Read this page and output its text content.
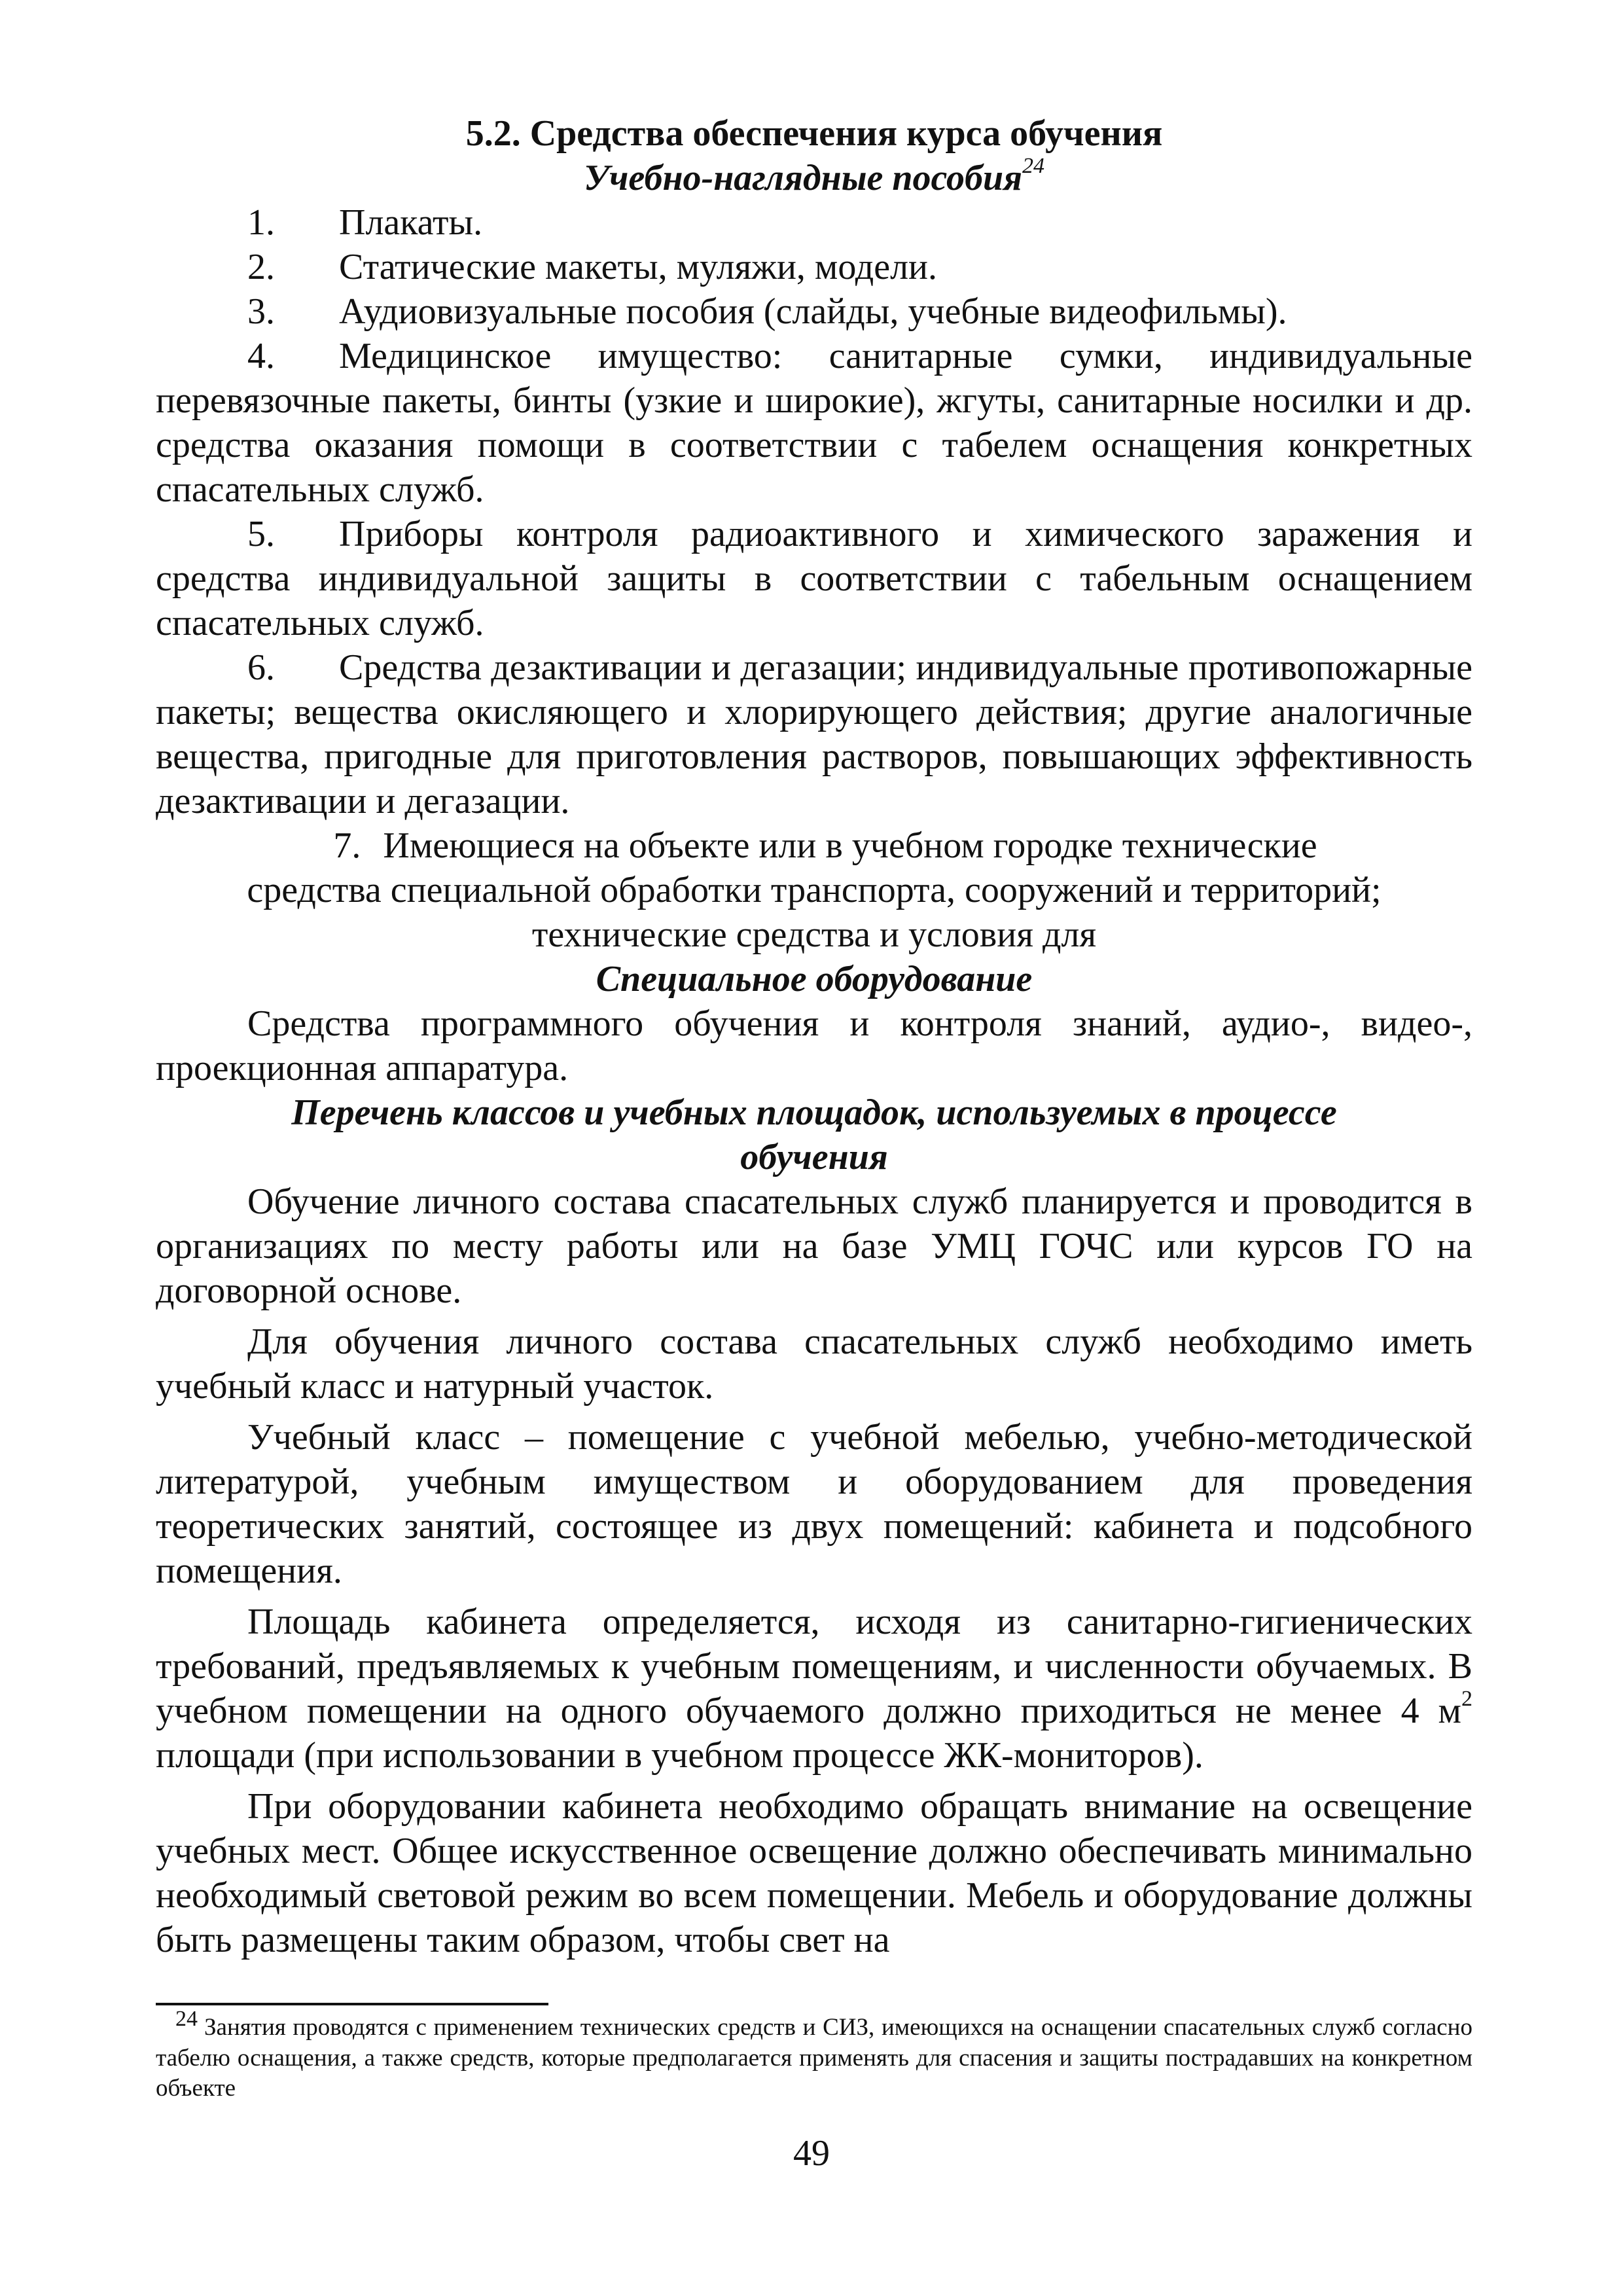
5.2. Средства обеспечения курса обучения

Учебно-наглядные пособия$^{24}$

1.	Плакаты.

2.	Статические макеты, муляжи, модели.

3.	Аудиовизуальные пособия (слайды, учебные видеофильмы).

4. Медицинское имущество: санитарные сумки, индивидуальные перевязочные пакеты, бинты (узкие и широкие), жгуты, санитарные носилки и др. средства оказания помощи в соответствии с табелем оснащения конкретных спасательных служб.

5. Приборы контроля радиоактивного и химического заражения и средства индивидуальной защиты в соответствии с табельным оснащением спасательных служб.

6. Средства дезактивации и дегазации; индивидуальные противопожарные пакеты; вещества окисляющего и хлорирующего действия; другие аналогичные вещества, пригодные для приготовления растворов, повышающих эффективность дезактивации и дегазации.

7. Имеющиеся на объекте или в учебном городке технические

средства специальной обработки транспорта, сооружений и территорий;

технические средства и условия для

Специальное оборудование

Средства программного обучения и контроля знаний, аудио-, видео-, проекционная аппаратура.

Перечень классов и учебных площадок, используемых в процессе
обучения

Обучение личного состава спасательных служб планируется и проводится в организациях по месту работы или на базе УМЦ ГОЧС или курсов ГО на договорной основе.

Для обучения личного состава спасательных служб необходимо иметь учебный класс и натурный участок.

Учебный класс – помещение с учебной мебелью, учебно-методической литературой, учебным имуществом и оборудованием для проведения теоретических занятий, состоящее из двух помещений: кабинета и подсобного помещения.

Площадь кабинета определяется, исходя из санитарно-гигиенических требований, предъявляемых к учебным помещениям, и численности обучаемых. В учебном помещении на одного обучаемого должно приходиться не менее 4 $м^2$ площади (при использовании в учебном процессе ЖК-мониторов).

При оборудовании кабинета необходимо обращать внимание на освещение учебных мест. Общее искусственное освещение должно обеспечивать минимально необходимый световой режим во всем помещении. Мебель и оборудование должны быть размещены таким образом, чтобы свет на

24 Занятия проводятся с применением технических средств и СИЗ, имеющихся на оснащении спасательных служб согласно табелю оснащения, а также средств, которые предполагается применять для спасения и защиты пострадавших на конкретном объекте

49
